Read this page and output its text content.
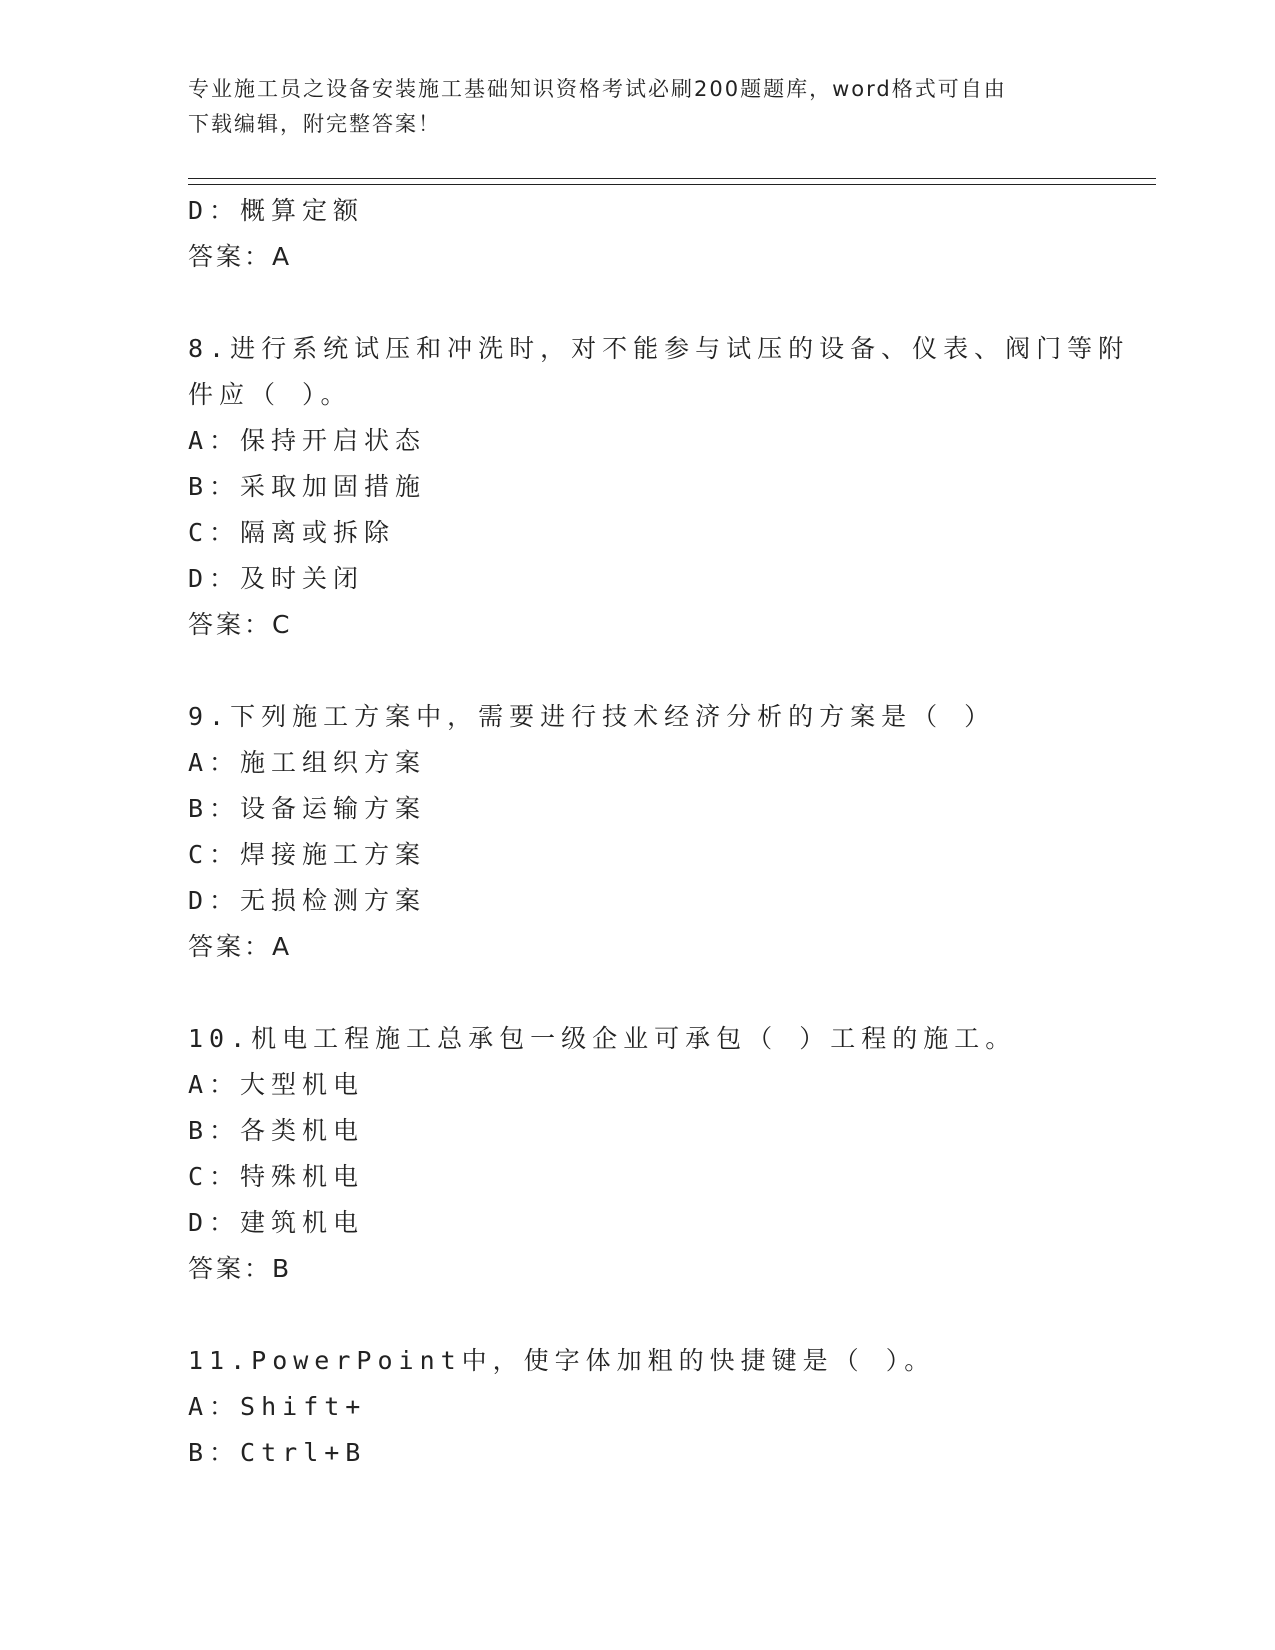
专业施工员之设备安装施工基础知识资格考试必刷200题题库，word格式可自由
下载编辑，附完整答案！
D：概算定额
答案：A
8.进行系统试压和冲洗时，对不能参与试压的设备、仪表、阀门等附
件应（ ）。
A：保持开启状态
B：采取加固措施
C：隔离或拆除
D：及时关闭
答案：C
9.下列施工方案中，需要进行技术经济分析的方案是（ ）
A：施工组织方案
B：设备运输方案
C：焊接施工方案
D：无损检测方案
答案：A
10.机电工程施工总承包一级企业可承包（ ）工程的施工。
A：大型机电
B：各类机电
C：特殊机电
D：建筑机电
答案：B
11.PowerPoint中，使字体加粗的快捷键是（ ）。
A：Shift+
B：Ctrl+B
